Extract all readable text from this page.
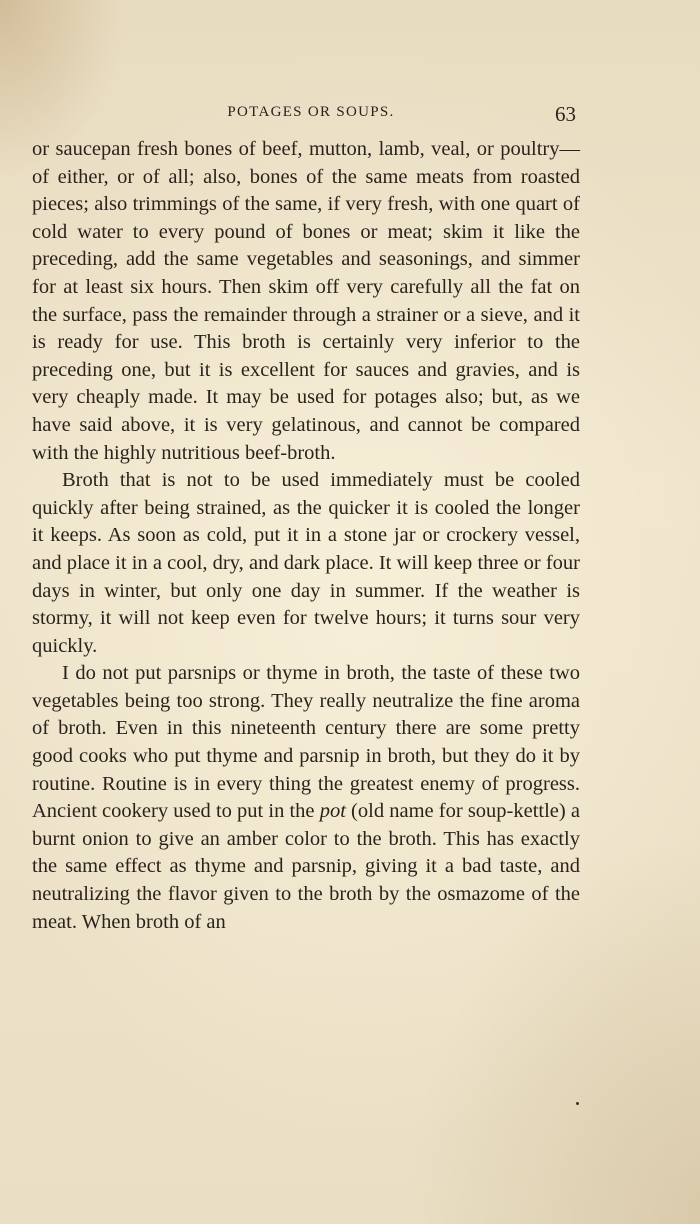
POTAGES OR SOUPS.	63

or saucepan fresh bones of beef, mutton, lamb, veal, or poultry—of either, or of all; also, bones of the same meats from roasted pieces; also trimmings of the same, if very fresh, with one quart of cold water to every pound of bones or meat; skim it like the preceding, add the same vegetables and seasonings, and simmer for at least six hours. Then skim off very carefully all the fat on the surface, pass the remainder through a strainer or a sieve, and it is ready for use. This broth is certainly very inferior to the preceding one, but it is excellent for sauces and gravies, and is very cheaply made. It may be used for potages also; but, as we have said above, it is very gelatinous, and cannot be compared with the highly nutritious beef-broth.

Broth that is not to be used immediately must be cooled quickly after being strained, as the quicker it is cooled the longer it keeps. As soon as cold, put it in a stone jar or crockery vessel, and place it in a cool, dry, and dark place. It will keep three or four days in winter, but only one day in summer. If the weather is stormy, it will not keep even for twelve hours; it turns sour very quickly.

I do not put parsnips or thyme in broth, the taste of these two vegetables being too strong. They really neutralize the fine aroma of broth. Even in this nineteenth century there are some pretty good cooks who put thyme and parsnip in broth, but they do it by routine. Routine is in every thing the greatest enemy of progress. Ancient cookery used to put in the pot (old name for soup-kettle) a burnt onion to give an amber color to the broth. This has exactly the same effect as thyme and parsnip, giving it a bad taste, and neutralizing the flavor given to the broth by the osmazome of the meat. When broth of an
